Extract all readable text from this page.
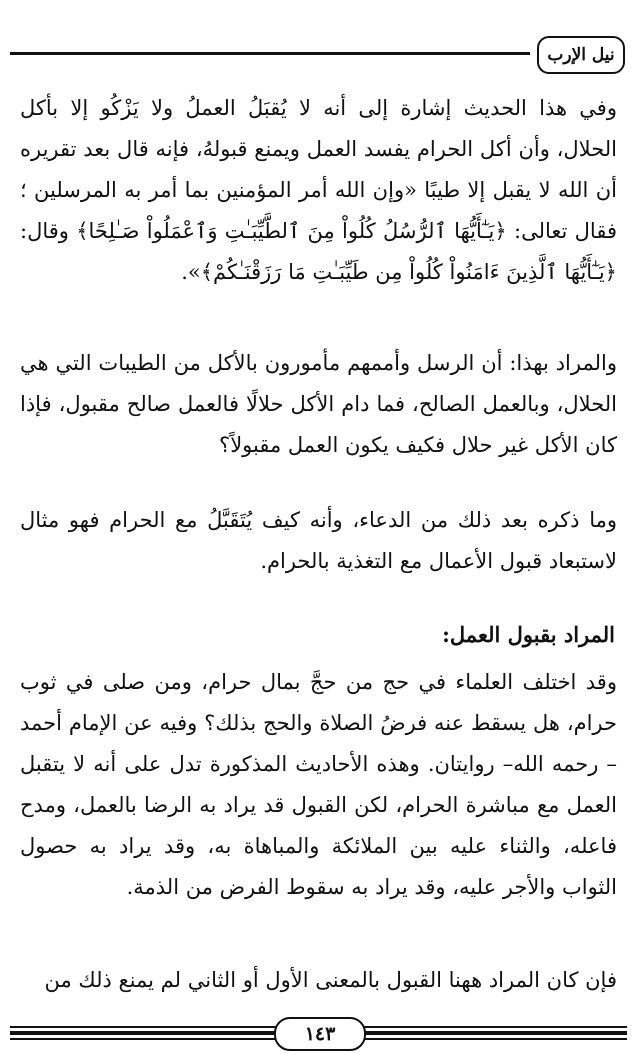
نيل الإرب

وفي هذا الحديث إشارة إلى أنه لا يُقبَلُ العملُ ولا يَزْكُو إلا بأكل الحلال، وأن أكل الحرام يفسد العمل ويمنع قبولهُ، فإنه قال بعد تقريره أن الله لا يقبل إلا طيبًا «وإن الله أمر المؤمنين بما أمر به المرسلين ؛ فقال تعالى: ﴿يَـٰٓأَيُّهَا ٱلرُّسُلُ كُلُواْ مِنَ ٱلطَّيِّبَـٰتِ وَٱعْمَلُواْ صَـٰلِحًا﴾ وقال: ﴿يَـٰٓأَيُّهَا ٱلَّذِينَ ءَامَنُواْ كُلُواْ مِن طَيِّبَـٰتِ مَا رَزَقْنَـٰكُمْ﴾».

والمراد بهذا: أن الرسل وأممهم مأمورون بالأكل من الطيبات التي هي الحلال، وبالعمل الصالح، فما دام الأكل حلالًا فالعمل صالح مقبول، فإذا كان الأكل غير حلال فكيف يكون العمل مقبولاً؟

وما ذكره بعد ذلك من الدعاء، وأنه كيف يُتَقَبَّلُ مع الحرام فهو مثال لاستبعاد قبول الأعمال مع التغذية بالحرام.

المراد بقبول العمل:

وقد اختلف العلماء في حج من حجَّ بمال حرام، ومن صلى في ثوب حرام، هل يسقط عنه فرضُ الصلاة والحج بذلك؟ وفيه عن الإمام أحمد – رحمه الله– روايتان. وهذه الأحاديث المذكورة تدل على أنه لا يتقبل العمل مع مباشرة الحرام، لكن القبول قد يراد به الرضا بالعمل، ومدح فاعله، والثناء عليه بين الملائكة والمباهاة به، وقد يراد به حصول الثواب والأجر عليه، وقد يراد به سقوط الفرض من الذمة.

فإن كان المراد ههنا القبول بالمعنى الأول أو الثاني لم يمنع ذلك من

١٤٣
